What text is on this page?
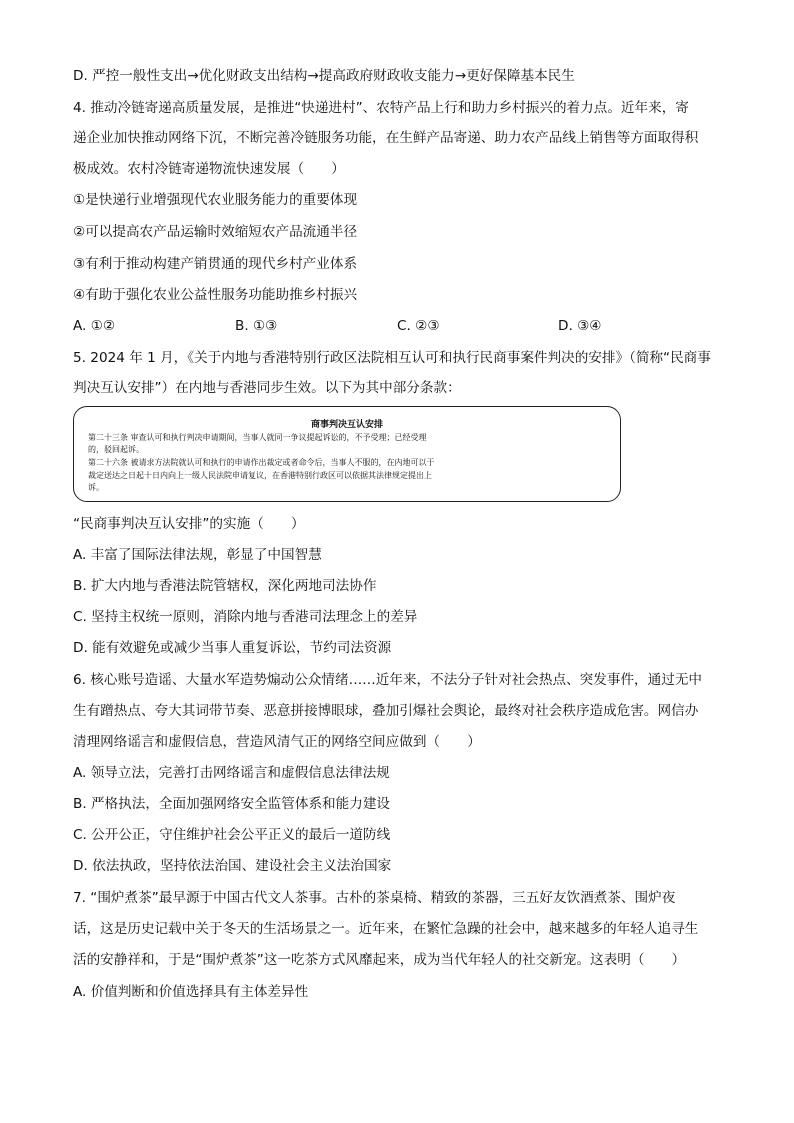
D. 严控一般性支出→优化财政支出结构→提高政府财政收支能力→更好保障基本民生
4. 推动冷链寄递高质量发展，是推进“快递进村”、农特产品上行和助力乡村振兴的着力点。近年来，寄
递企业加快推动网络下沉，不断完善冷链服务功能，在生鲜产品寄递、助力农产品线上销售等方面取得积
极成效。农村冷链寄递物流快速发展（　　）
①是快递行业增强现代农业服务能力的重要体现
②可以提高农产品运输时效缩短农产品流通半径
③有利于推动构建产销贯通的现代乡村产业体系
④有助于强化农业公益性服务功能助推乡村振兴
A. ①②	B. ①③	C. ②③	D. ③④
5. 2024 年 1 月，《关于内地与香港特别行政区法院相互认可和执行民商事案件判决的安排》（简称“民商事
判决互认安排”）在内地与香港同步生效。以下为其中部分条款：
商事判决互认安排
第二十三条 审查认可和执行判决申请期间，当事人就同一争议提起诉讼的，不予受理；已经受理
的，驳回起诉。
第二十六条 被请求方法院就认可和执行的申请作出裁定或者命令后，当事人不服的，在内地可以于
裁定送达之日起十日内向上一级人民法院申请复议，在香港特别行政区可以依据其法律规定提出上
诉。
“民商事判决互认安排”的实施（　　）
A. 丰富了国际法律法规，彰显了中国智慧
B. 扩大内地与香港法院管辖权，深化两地司法协作
C. 坚持主权统一原则，消除内地与香港司法理念上的差异
D. 能有效避免或减少当事人重复诉讼，节约司法资源
6. 核心账号造谣、大量水军造势煽动公众情绪……近年来，不法分子针对社会热点、突发事件，通过无中
生有蹭热点、夸大其词带节奏、恶意拼接博眼球，叠加引爆社会舆论，最终对社会秩序造成危害。网信办
清理网络谣言和虚假信息，营造风清气正的网络空间应做到（　　）
A. 领导立法，完善打击网络谣言和虚假信息法律法规
B. 严格执法，全面加强网络安全监管体系和能力建设
C. 公开公正，守住维护社会公平正义的最后一道防线
D. 依法执政，坚持依法治国、建设社会主义法治国家
7. “围炉煮茶”最早源于中国古代文人茶事。古朴的茶桌椅、精致的茶器，三五好友饮酒煮茶、围炉夜
话，这是历史记载中关于冬天的生活场景之一。近年来，在繁忙急躁的社会中，越来越多的年轻人追寻生
活的安静祥和，于是“围炉煮茶”这一吃茶方式风靡起来，成为当代年轻人的社交新宠。这表明（　　）
A. 价值判断和价值选择具有主体差异性
